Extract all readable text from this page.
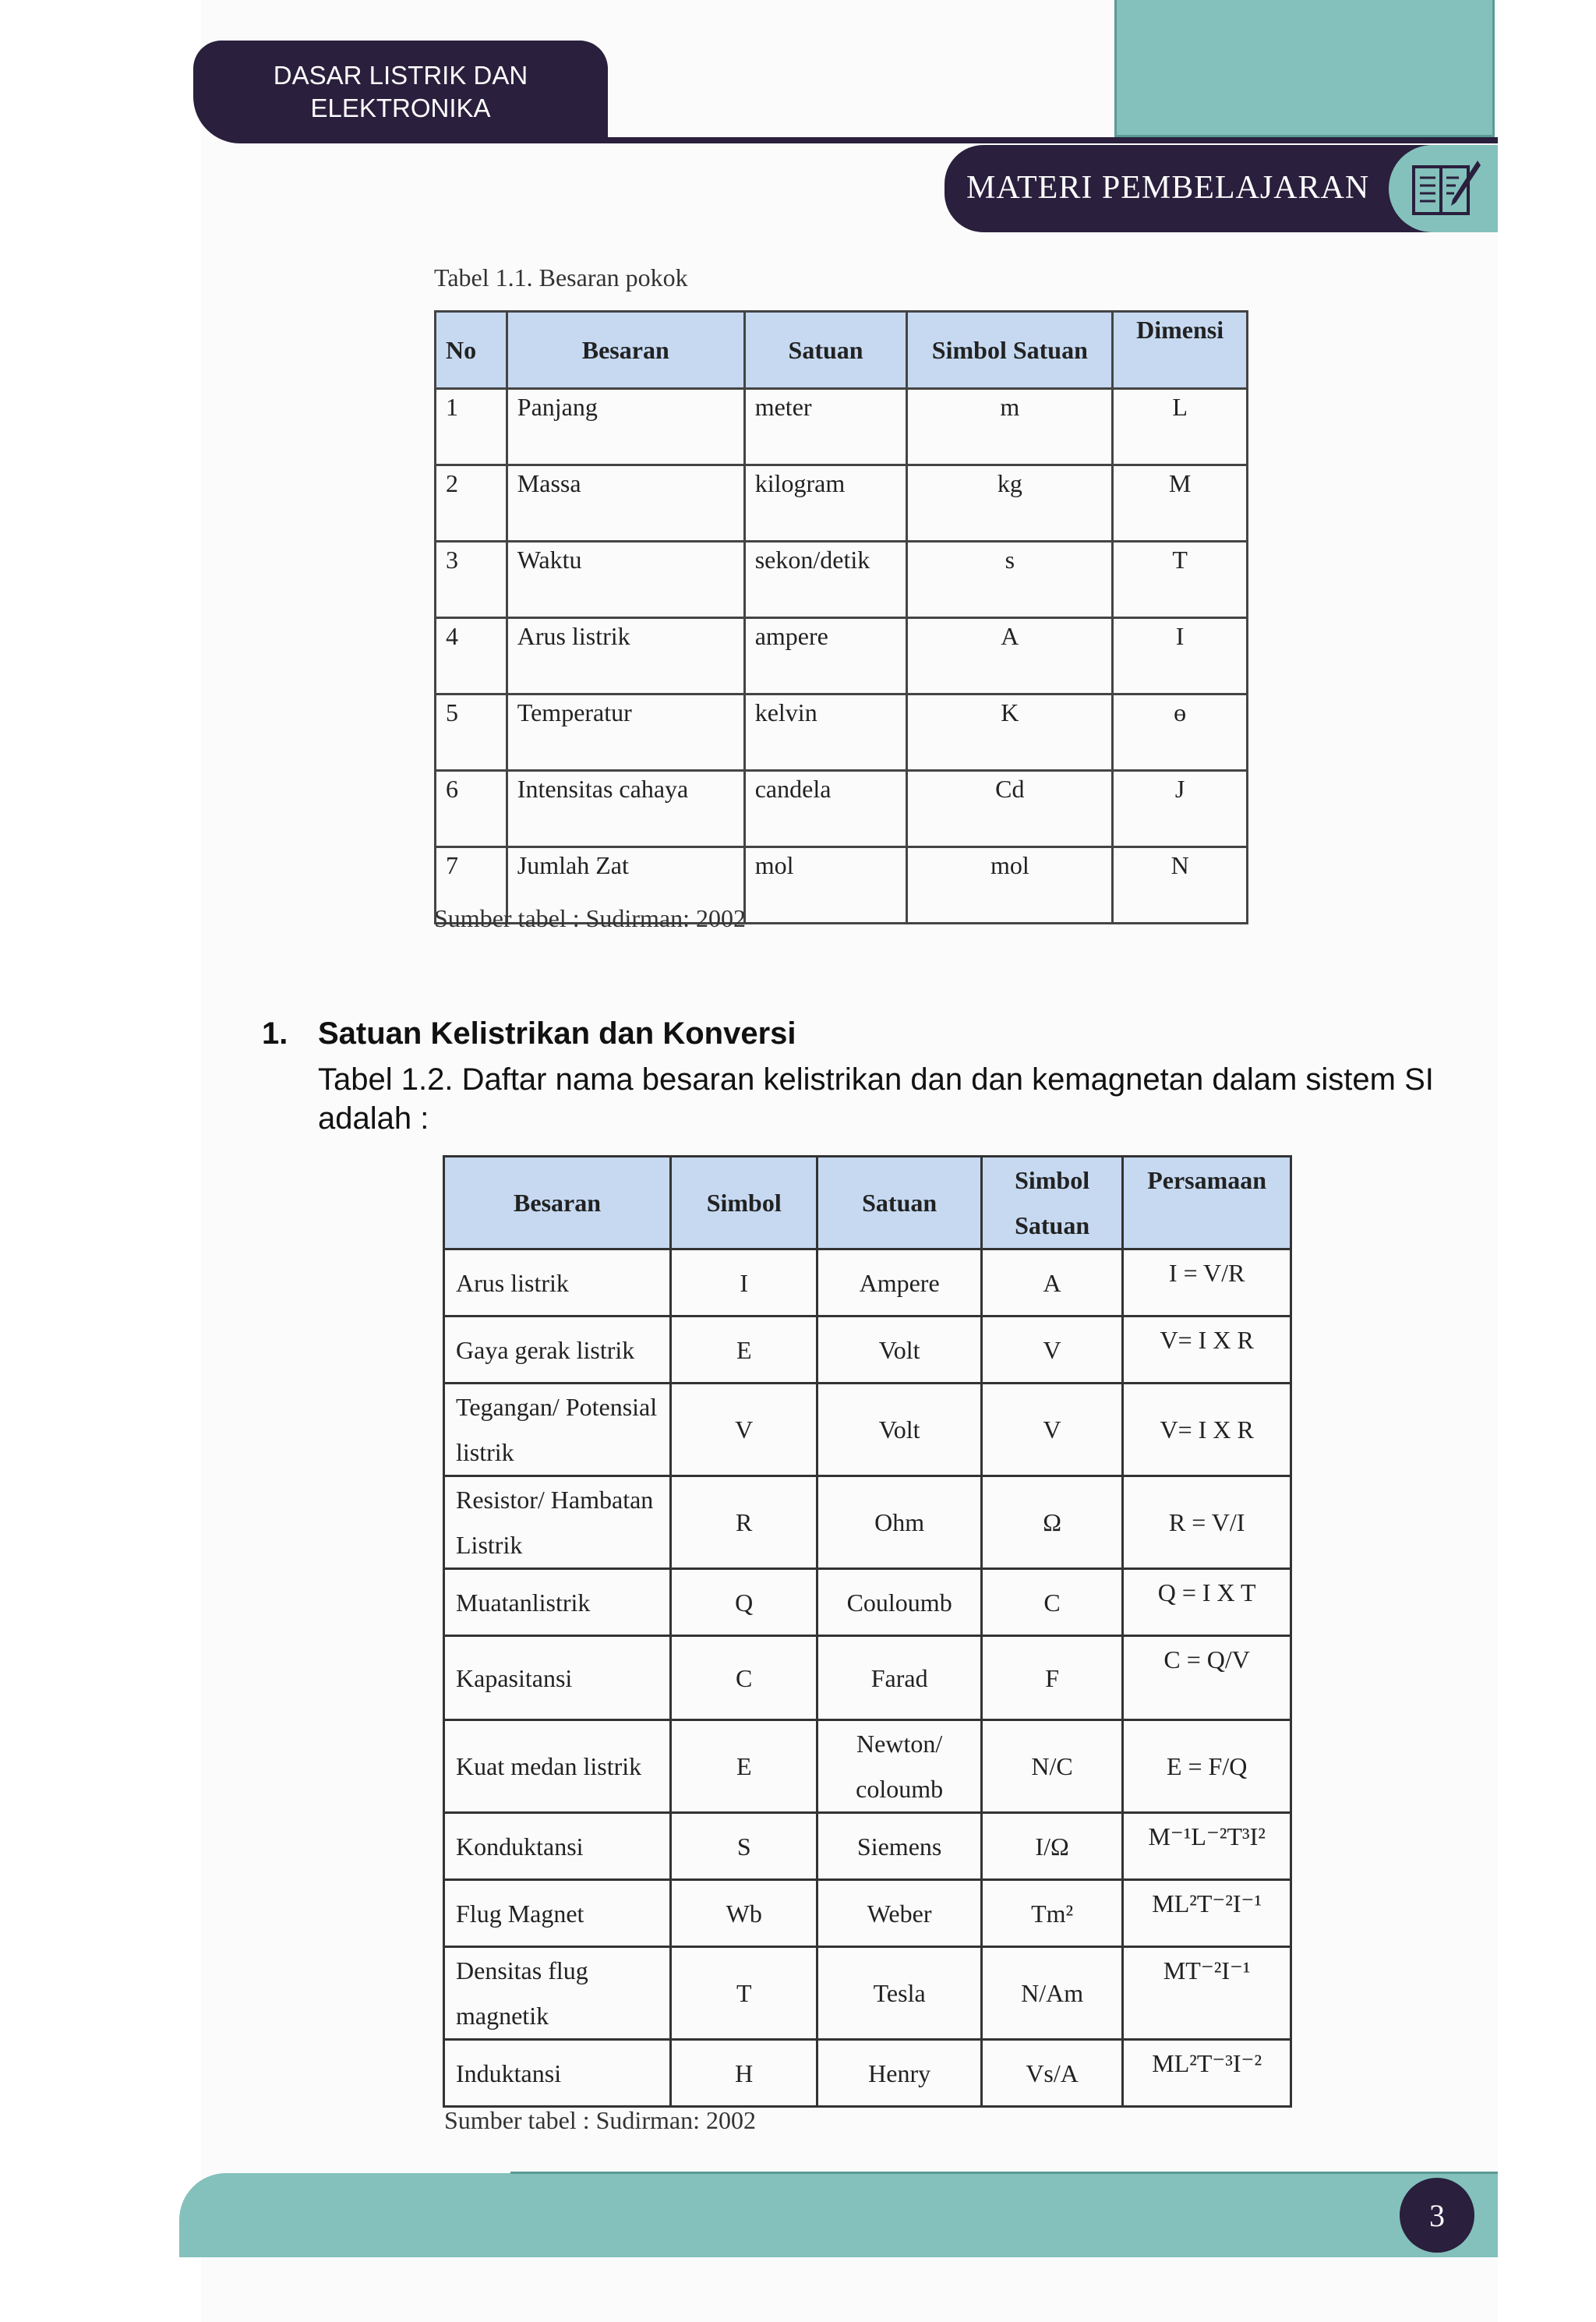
DASAR LISTRIK DAN
ELEKTRONIKA
MATERI PEMBELAJARAN
Tabel 1.1. Besaran pokok
No	Besaran	Satuan	Simbol Satuan	Dimensi
1	Panjang	meter	m	L
2	Massa	kilogram	kg	M
3	Waktu	sekon/detik	s	T
4	Arus listrik	ampere	A	I
5	Temperatur	kelvin	K	ɵ
6	Intensitas cahaya	candela	Cd	J
7	Jumlah Zat	mol	mol	N
Sumber tabel : Sudirman: 2002
1. Satuan Kelistrikan dan Konversi
Tabel 1.2. Daftar nama besaran kelistrikan dan dan kemagnetan dalam sistem SI adalah :
Besaran	Simbol	Satuan	Simbol Satuan	Persamaan
Arus listrik	I	Ampere	A	I = V/R
Gaya gerak listrik	E	Volt	V	V= I X R
Tegangan/ Potensial listrik	V	Volt	V	V= I X R
Resistor/ Hambatan Listrik	R	Ohm	Ω	R = V/I
Muatanlistrik	Q	Couloumb	C	Q = I X T
Kapasitansi	C	Farad	F	C = Q/V
Kuat medan listrik	E	Newton/ coloumb	N/C	E = F/Q
Konduktansi	S	Siemens	I/Ω	M⁻¹L⁻²T³I²
Flug Magnet	Wb	Weber	Tm²	ML²T⁻²I⁻¹
Densitas flug magnetik	T	Tesla	N/Am	MT⁻²I⁻¹
Induktansi	H	Henry	Vs/A	ML²T⁻³I⁻²
Sumber tabel : Sudirman: 2002
3
